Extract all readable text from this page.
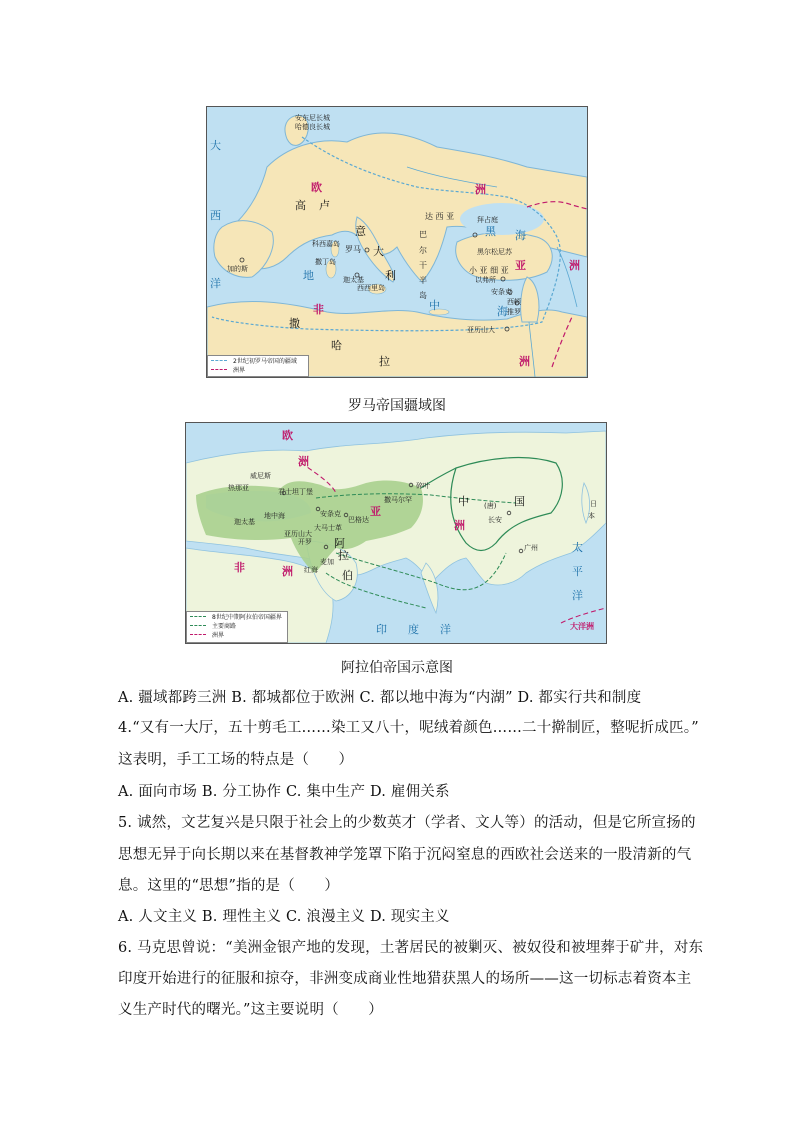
安东尼长城
哈德良长城
大
西
洋
欧	洲
高 卢
达 西 亚	拜占庭
黑 海
科西嘉岛
撒丁岛
罗马
意
大
利
巴
尔
干
半
岛
小 亚 细 亚
黑尔松尼苏
以弗所
亚	洲
安条克
西顿
推罗
加的斯	地	迦太基
西西里岛
中	海
非
亚历山大
撒
哈
拉	洲
2世纪初罗马帝国的疆域
洲界
罗马帝国疆域图
欧
洲
威尼斯
君士坦丁堡
热那亚
迦太基
地中海	安条克
大马士革
巴格达
亚历山大
开罗 阿
拉
伯
麦加
红海
亚
撒马尔罕
碎叶
中 (唐) 国
洲	长安
广州
日
本
太
平
洋
非	洲
印 度 洋	大洋洲
8世纪中期阿拉伯帝国疆界
主要商路
洲界
阿拉伯帝国示意图
A. 疆域都跨三洲 B. 都城都位于欧洲 C. 都以地中海为“内湖” D. 都实行共和制度
4.“又有一大厅，五十剪毛工……染工又八十，呢绒着颜色……二十擀制匠，整呢折成匹。”
这表明，手工工场的特点是（　　）
A. 面向市场 B. 分工协作 C. 集中生产 D. 雇佣关系
5. 诚然，文艺复兴是只限于社会上的少数英才（学者、文人等）的活动，但是它所宣扬的
思想无异于向长期以来在基督教神学笼罩下陷于沉闷窒息的西欧社会送来的一股清新的气
息。这里的“思想”指的是（　　）
A. 人文主义 B. 理性主义 C. 浪漫主义 D. 现实主义
6. 马克思曾说：“美洲金银产地的发现，土著居民的被剿灭、被奴役和被埋葬于矿井，对东
印度开始进行的征服和掠夺，非洲变成商业性地猎获黑人的场所——这一切标志着资本主
义生产时代的曙光。”这主要说明（　　）
